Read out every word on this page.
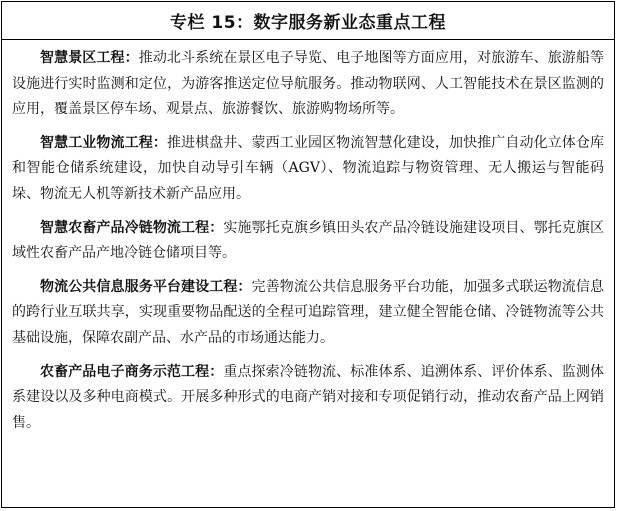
专栏 15：数字服务新业态重点工程

智慧景区工程：推动北斗系统在景区电子导览、电子地图等方面应用，对旅游车、旅游船等设施进行实时监测和定位，为游客推送定位导航服务。推动物联网、人工智能技术在景区监测的应用，覆盖景区停车场、观景点、旅游餐饮、旅游购物场所等。

智慧工业物流工程：推进棋盘井、蒙西工业园区物流智慧化建设，加快推广自动化立体仓库和智能仓储系统建设，加快自动导引车辆（AGV）、物流追踪与物资管理、无人搬运与智能码垛、物流无人机等新技术新产品应用。

智慧农畜产品冷链物流工程：实施鄂托克旗乡镇田头农产品冷链设施建设项目、鄂托克旗区域性农畜产品产地冷链仓储项目等。

物流公共信息服务平台建设工程：完善物流公共信息服务平台功能，加强多式联运物流信息的跨行业互联共享，实现重要物品配送的全程可追踪管理，建立健全智能仓储、冷链物流等公共基础设施，保障农副产品、水产品的市场通达能力。

农畜产品电子商务示范工程：重点探索冷链物流、标准体系、追溯体系、评价体系、监测体系建设以及多种电商模式。开展多种形式的电商产销对接和专项促销行动，推动农畜产品上网销售。
